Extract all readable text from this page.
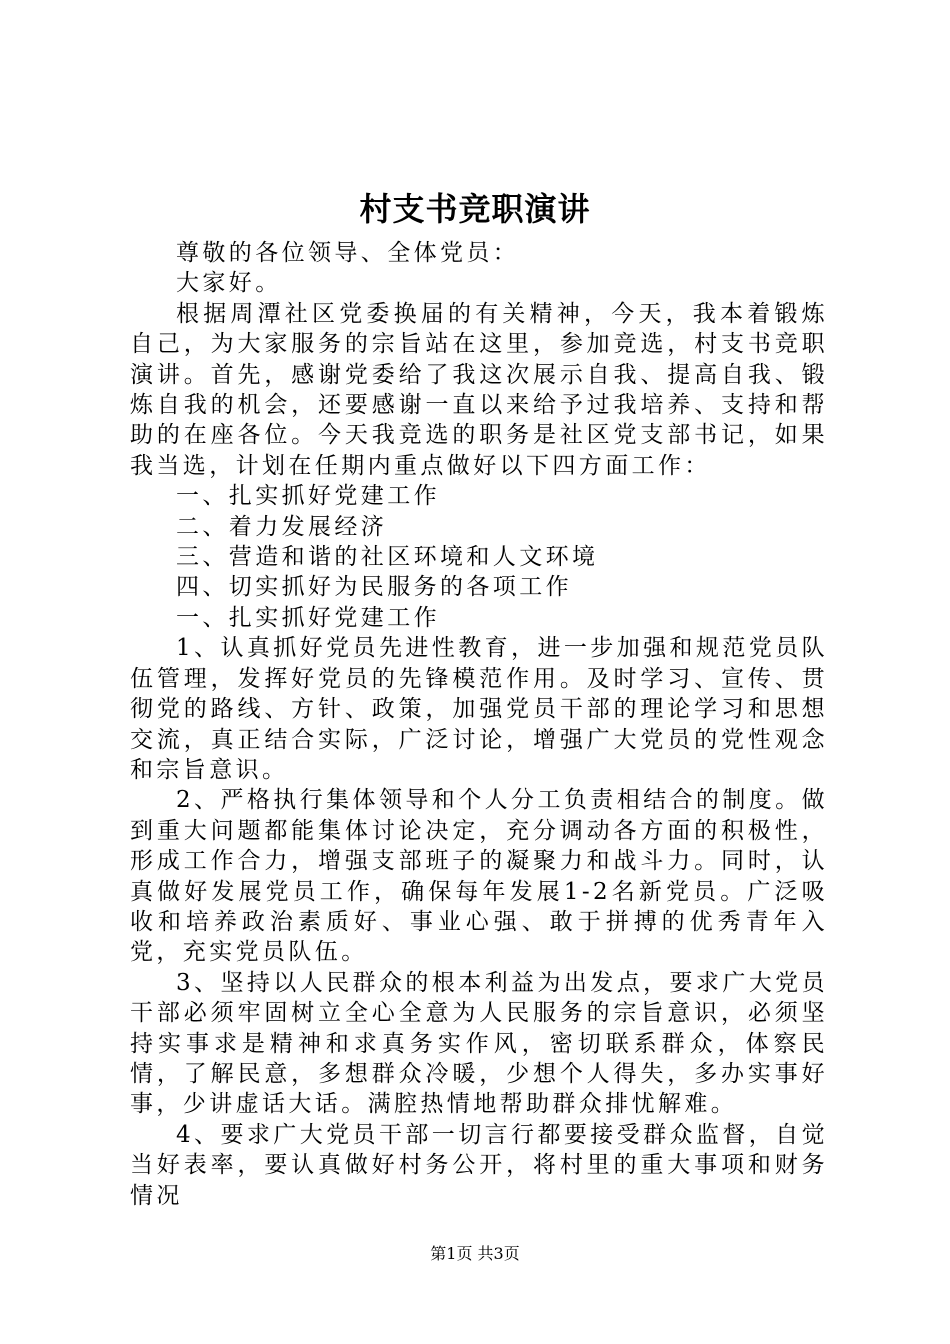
村支书竞职演讲

尊敬的各位领导、全体党员：

大家好。

根据周潭社区党委换届的有关精神，今天，我本着锻炼自己，为大家服务的宗旨站在这里，参加竞选，村支书竞职演讲。首先，感谢党委给了我这次展示自我、提高自我、锻炼自我的机会，还要感谢一直以来给予过我培养、支持和帮助的在座各位。今天我竞选的职务是社区党支部书记，如果我当选，计划在任期内重点做好以下四方面工作：

一、扎实抓好党建工作

二、着力发展经济

三、营造和谐的社区环境和人文环境

四、切实抓好为民服务的各项工作

一、扎实抓好党建工作

1、认真抓好党员先进性教育，进一步加强和规范党员队伍管理，发挥好党员的先锋模范作用。及时学习、宣传、贯彻党的路线、方针、政策，加强党员干部的理论学习和思想交流，真正结合实际，广泛讨论，增强广大党员的党性观念和宗旨意识。

2、严格执行集体领导和个人分工负责相结合的制度。做到重大问题都能集体讨论决定，充分调动各方面的积极性，形成工作合力，增强支部班子的凝聚力和战斗力。同时，认真做好发展党员工作，确保每年发展1-2名新党员。广泛吸收和培养政治素质好、事业心强、敢于拼搏的优秀青年入党，充实党员队伍。

3、坚持以人民群众的根本利益为出发点，要求广大党员干部必须牢固树立全心全意为人民服务的宗旨意识，必须坚持实事求是精神和求真务实作风，密切联系群众，体察民情，了解民意，多想群众冷暖，少想个人得失，多办实事好事，少讲虚话大话。满腔热情地帮助群众排忧解难。

4、要求广大党员干部一切言行都要接受群众监督，自觉当好表率，要认真做好村务公开，将村里的重大事项和财务情况

第1页 共3页
